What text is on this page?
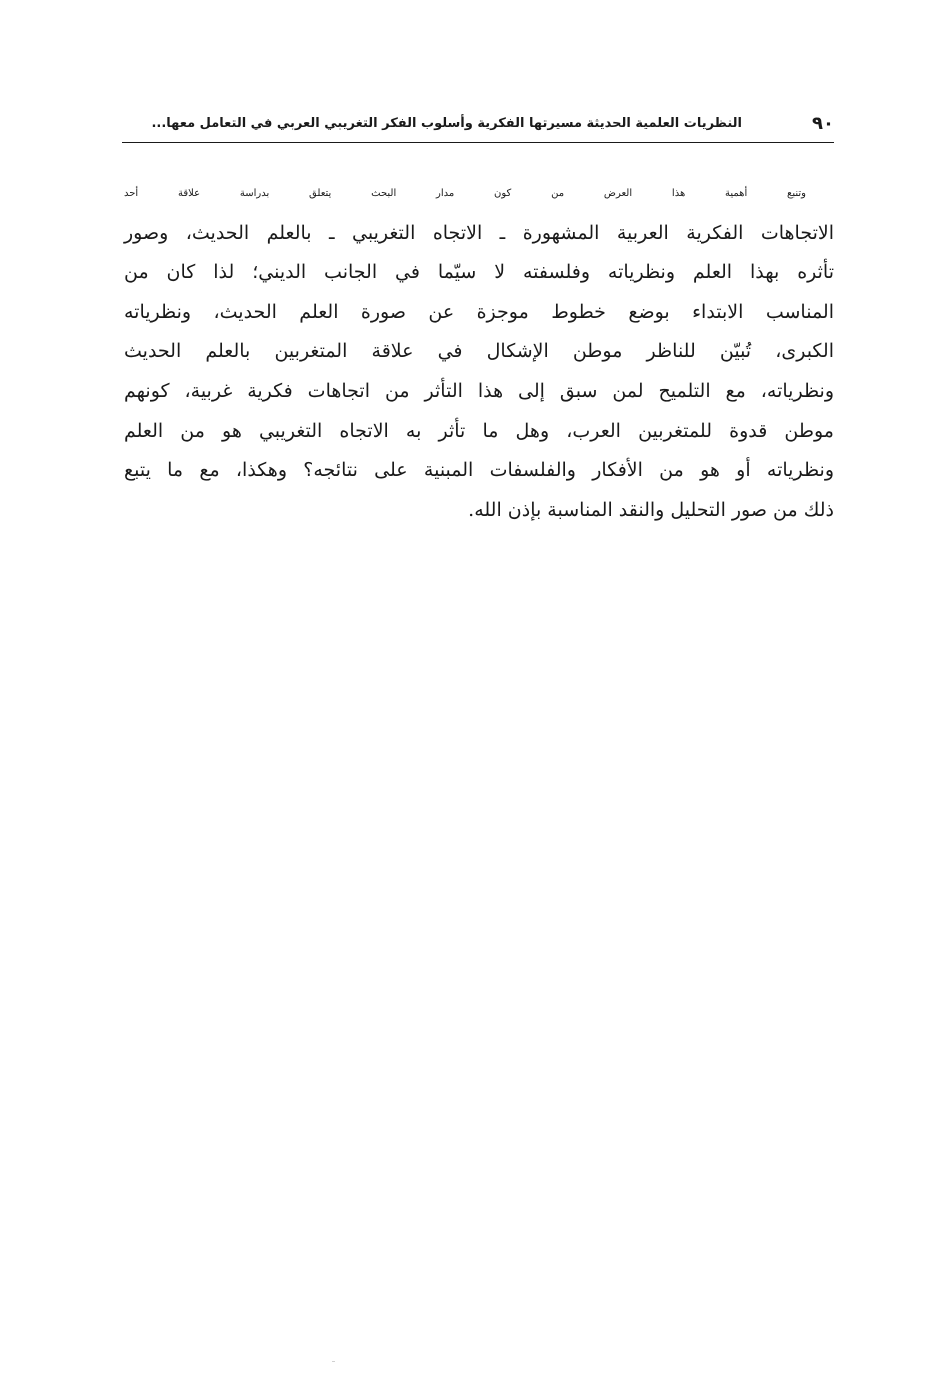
٩٠
النظريات العلمية الحديثة مسيرتها الفكرية وأسلوب الفكر التغريبي العربي في التعامل معها...
وتنبع أهمية هذا العرض من كون مدار البحث يتعلق بدراسة علاقة أحد
الاتجاهات الفكرية العربية المشهورة ـ الاتجاه التغريبي ـ بالعلم الحديث، وصور
تأثره بهذا العلم ونظرياته وفلسفته لا سيّما في الجانب الديني؛ لذا كان من
المناسب الابتداء بوضع خطوط موجزة عن صورة العلم الحديث، ونظرياته
الكبرى، تُبيّن للناظر موطن الإشكال في علاقة المتغربين بالعلم الحديث
ونظرياته، مع التلميح لمن سبق إلى هذا التأثر من اتجاهات فكرية غربية، كونهم
موطن قدوة للمتغربين العرب، وهل ما تأثر به الاتجاه التغريبي هو من العلم
ونظرياته أو هو من الأفكار والفلسفات المبنية على نتائجه؟ وهكذا، مع ما يتبع
ذلك من صور التحليل والنقد المناسبة بإذن الله.
